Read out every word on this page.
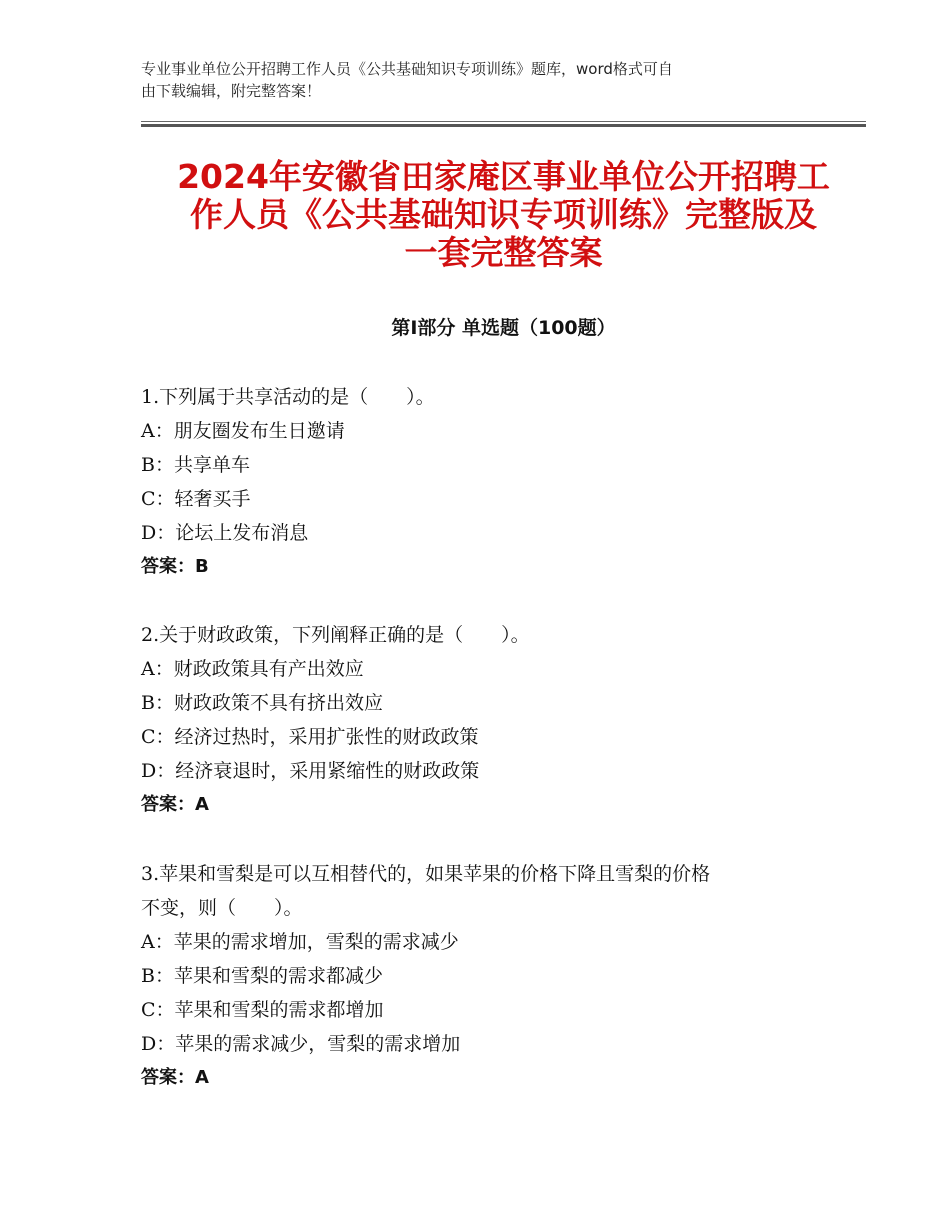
专业事业单位公开招聘工作人员《公共基础知识专项训练》题库，word格式可自

由下载编辑，附完整答案！

2024年安徽省田家庵区事业单位公开招聘工
作人员《公共基础知识专项训练》完整版及
一套完整答案
第Ⅰ部分 单选题（100题）

1.下列属于共享活动的是（　　）。

A：朋友圈发布生日邀请

B：共享单车

C：轻奢买手

D：论坛上发布消息

答案：B

2.关于财政政策，下列阐释正确的是（　　）。

A：财政政策具有产出效应

B：财政政策不具有挤出效应

C：经济过热时，采用扩张性的财政政策

D：经济衰退时，采用紧缩性的财政政策

答案：A

3.苹果和雪梨是可以互相替代的，如果苹果的价格下降且雪梨的价格

不变，则（　　）。

A：苹果的需求增加，雪梨的需求减少

B：苹果和雪梨的需求都减少

C：苹果和雪梨的需求都增加

D：苹果的需求减少，雪梨的需求增加

答案：A
